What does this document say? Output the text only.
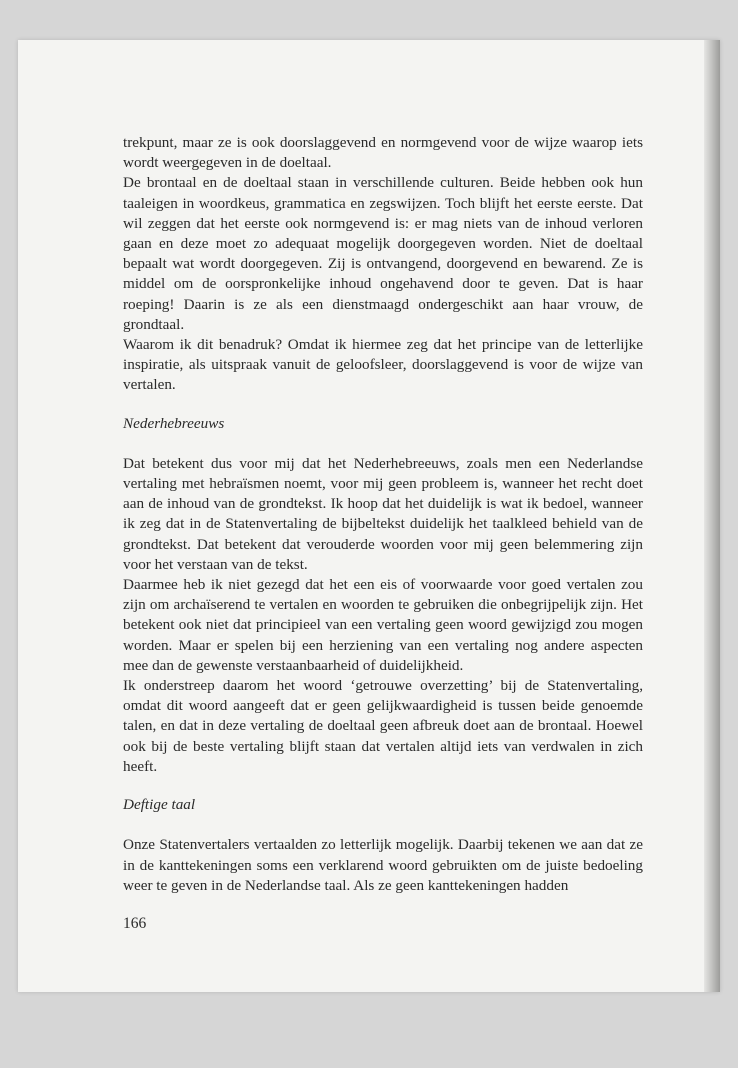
trekpunt, maar ze is ook doorslaggevend en normgevend voor de wijze waarop iets wordt weergegeven in de doeltaal.

De brontaal en de doeltaal staan in verschillende culturen. Beide hebben ook hun taaleigen in woordkeus, grammatica en zegswijzen. Toch blijft het eerste eerste. Dat wil zeggen dat het eerste ook normgevend is: er mag niets van de inhoud verloren gaan en deze moet zo adequaat mogelijk doorgegeven worden. Niet de doeltaal bepaalt wat wordt doorgegeven. Zij is ontvangend, doorgevend en bewarend. Ze is middel om de oorspronkelijke inhoud ongehavend door te geven. Dat is haar roeping! Daarin is ze als een dienstmaagd ondergeschikt aan haar vrouw, de grondtaal.

Waarom ik dit benadruk? Omdat ik hiermee zeg dat het principe van de letterlijke inspiratie, als uitspraak vanuit de geloofsleer, doorslaggevend is voor de wijze van vertalen.

Nederhebreeuws

Dat betekent dus voor mij dat het Nederhebreeuws, zoals men een Nederlandse vertaling met hebraïsmen noemt, voor mij geen probleem is, wanneer het recht doet aan de inhoud van de grondtekst. Ik hoop dat het duidelijk is wat ik bedoel, wanneer ik zeg dat in de Statenvertaling de bijbeltekst duidelijk het taalkleed behield van de grondtekst. Dat betekent dat verouderde woorden voor mij geen belemmering zijn voor het verstaan van de tekst.

Daarmee heb ik niet gezegd dat het een eis of voorwaarde voor goed vertalen zou zijn om archaïserend te vertalen en woorden te gebruiken die onbegrijpelijk zijn. Het betekent ook niet dat principieel van een vertaling geen woord gewijzigd zou mogen worden. Maar er spelen bij een herziening van een vertaling nog andere aspecten mee dan de gewenste verstaanbaarheid of duidelijkheid.

Ik onderstreep daarom het woord ‘getrouwe overzetting’ bij de Statenvertaling, omdat dit woord aangeeft dat er geen gelijkwaardigheid is tussen beide genoemde talen, en dat in deze vertaling de doeltaal geen afbreuk doet aan de brontaal. Hoewel ook bij de beste vertaling blijft staan dat vertalen altijd iets van verdwalen in zich heeft.

Deftige taal

Onze Statenvertalers vertaalden zo letterlijk mogelijk. Daarbij tekenen we aan dat ze in de kanttekeningen soms een verklarend woord gebruikten om de juiste bedoeling weer te geven in de Nederlandse taal. Als ze geen kanttekeningen hadden

166
